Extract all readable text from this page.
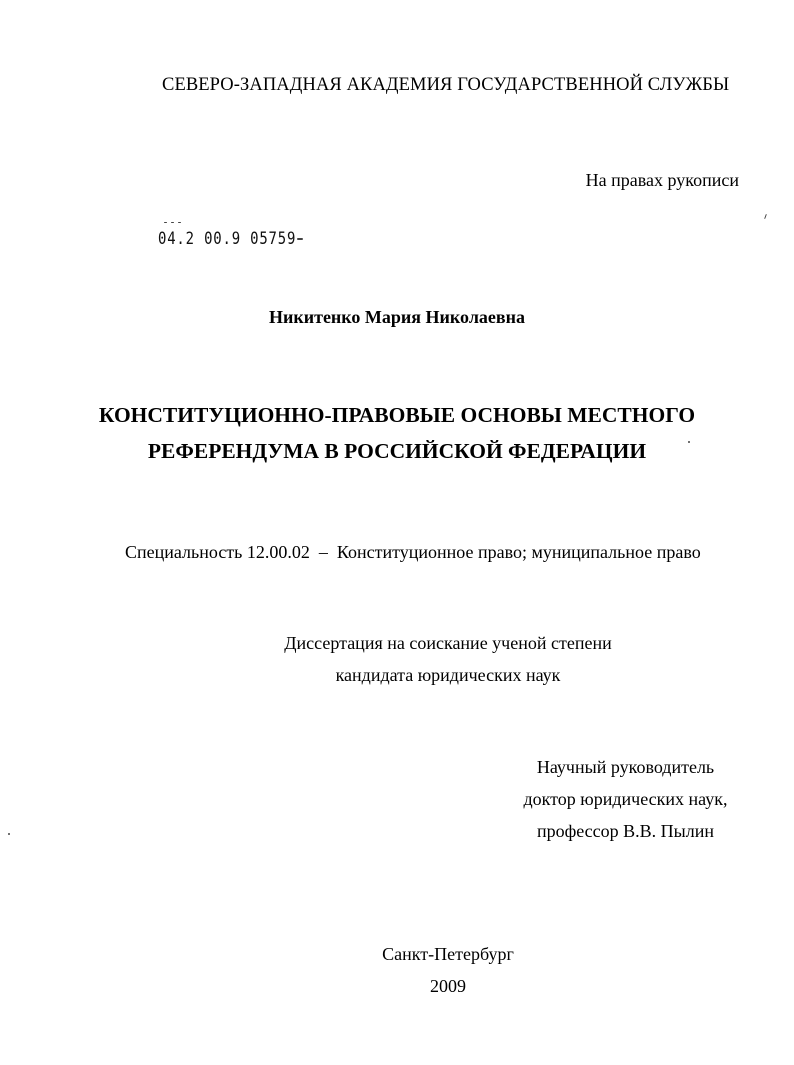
СЕВЕРО-ЗАПАДНАЯ АКАДЕМИЯ ГОСУДАРСТВЕННОЙ СЛУЖБЫ
На правах рукописи
04.2 00.9 05759
Никитенко Мария Николаевна
КОНСТИТУЦИОННО-ПРАВОВЫЕ ОСНОВЫ МЕСТНОГО
РЕФЕРЕНДУМА В РОССИЙСКОЙ ФЕДЕРАЦИИ
Специальность 12.00.02  –  Конституционное право; муниципальное право
Диссертация на соискание ученой степени
кандидата юридических наук
Научный руководитель
доктор юридических наук,
профессор В.В. Пылин
Санкт-Петербург
2009
